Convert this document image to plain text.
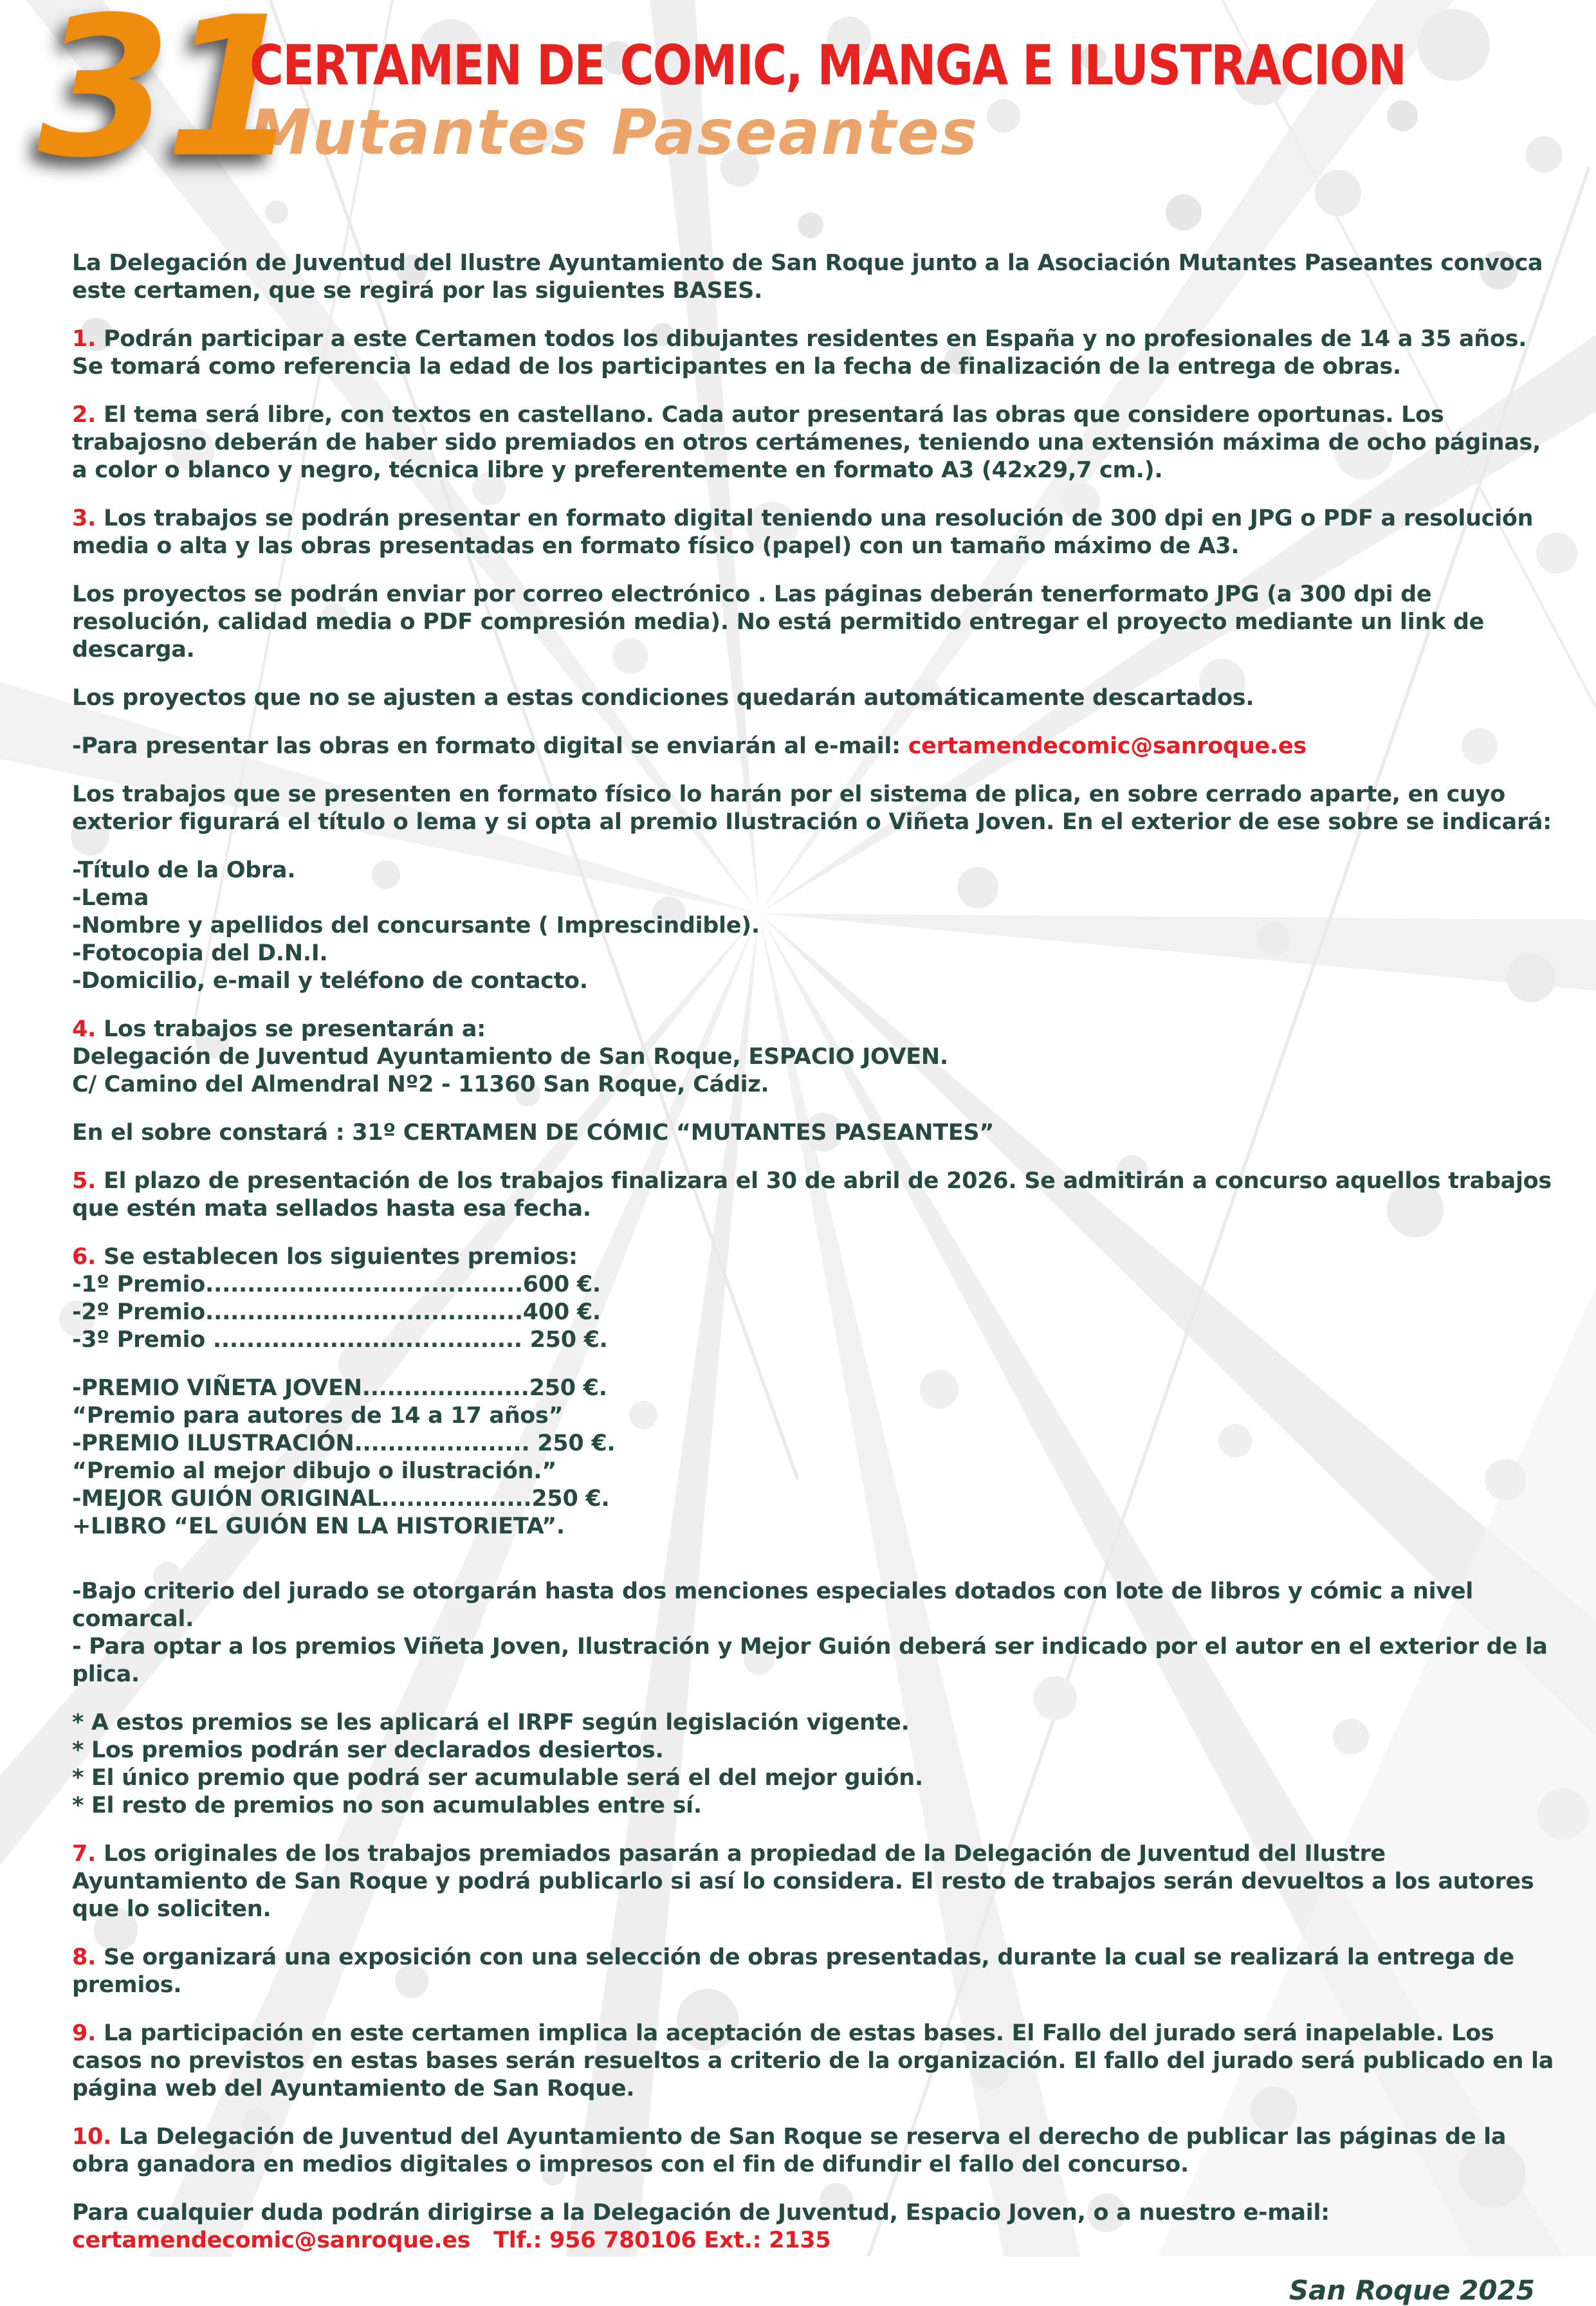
31
CERTAMEN DE COMIC, MANGA E ILUSTRACION
Mutantes Paseantes

La Delegación de Juventud del Ilustre Ayuntamiento de San Roque junto a la Asociación Mutantes Paseantes convoca este certamen, que se regirá por las siguientes BASES.

1. Podrán participar a este Certamen todos los dibujantes residentes en España y no profesionales de 14 a 35 años. Se tomará como referencia la edad de los participantes en la fecha de finalización de la entrega de obras.

2. El tema será libre, con textos en castellano. Cada autor presentará las obras que considere oportunas. Los trabajosno deberán de haber sido premiados en otros certámenes, teniendo una extensión máxima de ocho páginas, a color o blanco y negro, técnica libre y preferentemente en formato A3 (42x29,7 cm.).

3. Los trabajos se podrán presentar en formato digital teniendo una resolución de 300 dpi en JPG o PDF a resolución media o alta y las obras presentadas en formato físico (papel) con un tamaño máximo de A3.

Los proyectos se podrán enviar por correo electrónico . Las páginas deberán tenerformato JPG (a 300 dpi de resolución, calidad media o PDF compresión media). No está permitido entregar el proyecto mediante un link de descarga.

Los proyectos que no se ajusten a estas condiciones quedarán automáticamente descartados.

-Para presentar las obras en formato digital se enviarán al e-mail: certamendecomic@sanroque.es

Los trabajos que se presenten en formato físico lo harán por el sistema de plica, en sobre cerrado aparte, en cuyo exterior figurará el título o lema y si opta al premio Ilustración o Viñeta Joven. En el exterior de ese sobre se indicará:

-Título de la Obra.
-Lema
-Nombre y apellidos del concursante ( Imprescindible).
-Fotocopia del D.N.I.
-Domicilio, e-mail y teléfono de contacto.
4. Los trabajos se presentarán a:
Delegación de Juventud Ayuntamiento de San Roque, ESPACIO JOVEN.
C/ Camino del Almendral Nº2 - 11360 San Roque, Cádiz.

En el sobre constará : 31º CERTAMEN DE CÓMIC “MUTANTES PASEANTES”

5. El plazo de presentación de los trabajos finalizara el 30 de abril de 2026. Se admitirán a concurso aquellos trabajos que estén mata sellados hasta esa fecha.

6. Se establecen los siguientes premios:
-1º Premio......................................600 €.
-2º Premio......................................400 €.
-3º Premio ..................................... 250 €.
-PREMIO VIÑETA JOVEN....................250 €.
“Premio para autores de 14 a 17 años”
-PREMIO ILUSTRACIÓN..................... 250 €.
“Premio al mejor dibujo o ilustración.”
-MEJOR GUIÓN ORIGINAL..................250 €.
+LIBRO “EL GUIÓN EN LA HISTORIETA”.
-Bajo criterio del jurado se otorgarán hasta dos menciones especiales dotados con lote de libros y cómic a nivel comarcal.
- Para optar a los premios Viñeta Joven, Ilustración y Mejor Guión deberá ser indicado por el autor en el exterior de la plica.
* A estos premios se les aplicará el IRPF según legislación vigente.
* Los premios podrán ser declarados desiertos.
* El único premio que podrá ser acumulable será el del mejor guión.
* El resto de premios no son acumulables entre sí.

7. Los originales de los trabajos premiados pasarán a propiedad de la Delegación de Juventud del Ilustre Ayuntamiento de San Roque y podrá publicarlo si así lo considera. El resto de trabajos serán devueltos a los autores que lo soliciten.

8. Se organizará una exposición con una selección de obras presentadas, durante la cual se realizará la entrega de premios.

9. La participación en este certamen implica la aceptación de estas bases. El Fallo del jurado será inapelable. Los casos no previstos en estas bases serán resueltos a criterio de la organización. El fallo del jurado será publicado en la página web del Ayuntamiento de San Roque.

10. La Delegación de Juventud del Ayuntamiento de San Roque se reserva el derecho de publicar las páginas de la obra ganadora en medios digitales o impresos con el fin de difundir el fallo del concurso.

Para cualquier duda podrán dirigirse a la Delegación de Juventud, Espacio Joven, o a nuestro e-mail:
certamendecomic@sanroque.es Tlf.: 956 780106 Ext.: 2135
San Roque 2025
